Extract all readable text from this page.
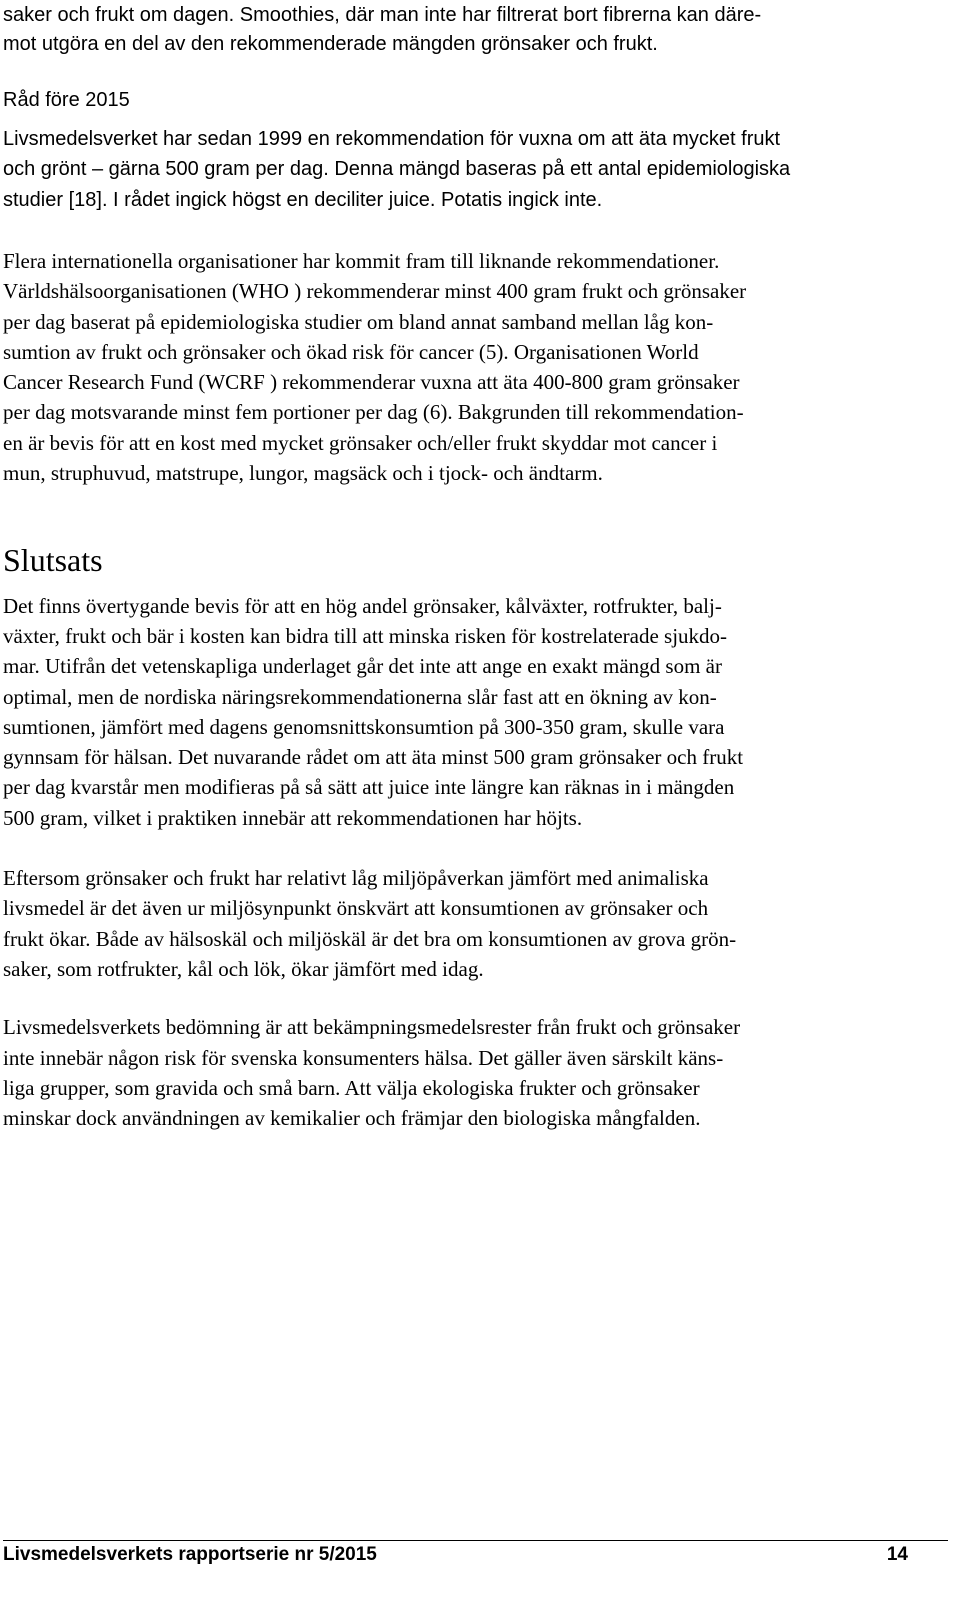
saker och frukt om dagen. Smoothies, där man inte har filtrerat bort fibrerna kan däre-
mot utgöra en del av den rekommenderade mängden grönsaker och frukt.
Råd före 2015
Livsmedelsverket har sedan 1999 en rekommendation för vuxna om att äta mycket frukt
och grönt – gärna 500 gram per dag. Denna mängd baseras på ett antal epidemiologiska
studier [18]. I rådet ingick högst en deciliter juice. Potatis ingick inte.
Flera internationella organisationer har kommit fram till liknande rekommendationer.
Världshälsoorganisationen (WHO ) rekommenderar minst 400 gram frukt och grönsaker
per dag baserat på epidemiologiska studier om bland annat samband mellan låg kon-
sumtion av frukt och grönsaker och ökad risk för cancer (5). Organisationen World
Cancer Research Fund (WCRF ) rekommenderar vuxna att äta 400-800 gram grönsaker
per dag motsvarande minst fem portioner per dag (6). Bakgrunden till rekommendation-
en är bevis för att en kost med mycket grönsaker och/eller frukt skyddar mot cancer i
mun, struphuvud, matstrupe, lungor, magsäck och i tjock- och ändtarm.
Slutsats
Det finns övertygande bevis för att en hög andel grönsaker, kålväxter, rotfrukter, balj-
växter, frukt och bär i kosten kan bidra till att minska risken för kostrelaterade sjukdo-
mar. Utifrån det vetenskapliga underlaget går det inte att ange en exakt mängd som är
optimal, men de nordiska näringsrekommendationerna slår fast att en ökning av kon-
sumtionen, jämfört med dagens genomsnittskonsumtion på 300-350 gram, skulle vara
gynnsam för hälsan. Det nuvarande rådet om att äta minst 500 gram grönsaker och frukt
per dag kvarstår men modifieras på så sätt att juice inte längre kan räknas in i mängden
500 gram, vilket i praktiken innebär att rekommendationen har höjts.
Eftersom grönsaker och frukt har relativt låg miljöpåverkan jämfört med animaliska
livsmedel är det även ur miljösynpunkt önskvärt att konsumtionen av grönsaker och
frukt ökar. Både av hälsoskäl och miljöskäl är det bra om konsumtionen av grova grön-
saker, som rotfrukter, kål och lök, ökar jämfört med idag.
Livsmedelsverkets bedömning är att bekämpningsmedelsrester från frukt och grönsaker
inte innebär någon risk för svenska konsumenters hälsa. Det gäller även särskilt käns-
liga grupper, som gravida och små barn. Att välja ekologiska frukter och grönsaker
minskar dock användningen av kemikalier och främjar den biologiska mångfalden.
Livsmedelsverkets rapportserie nr 5/2015	14
